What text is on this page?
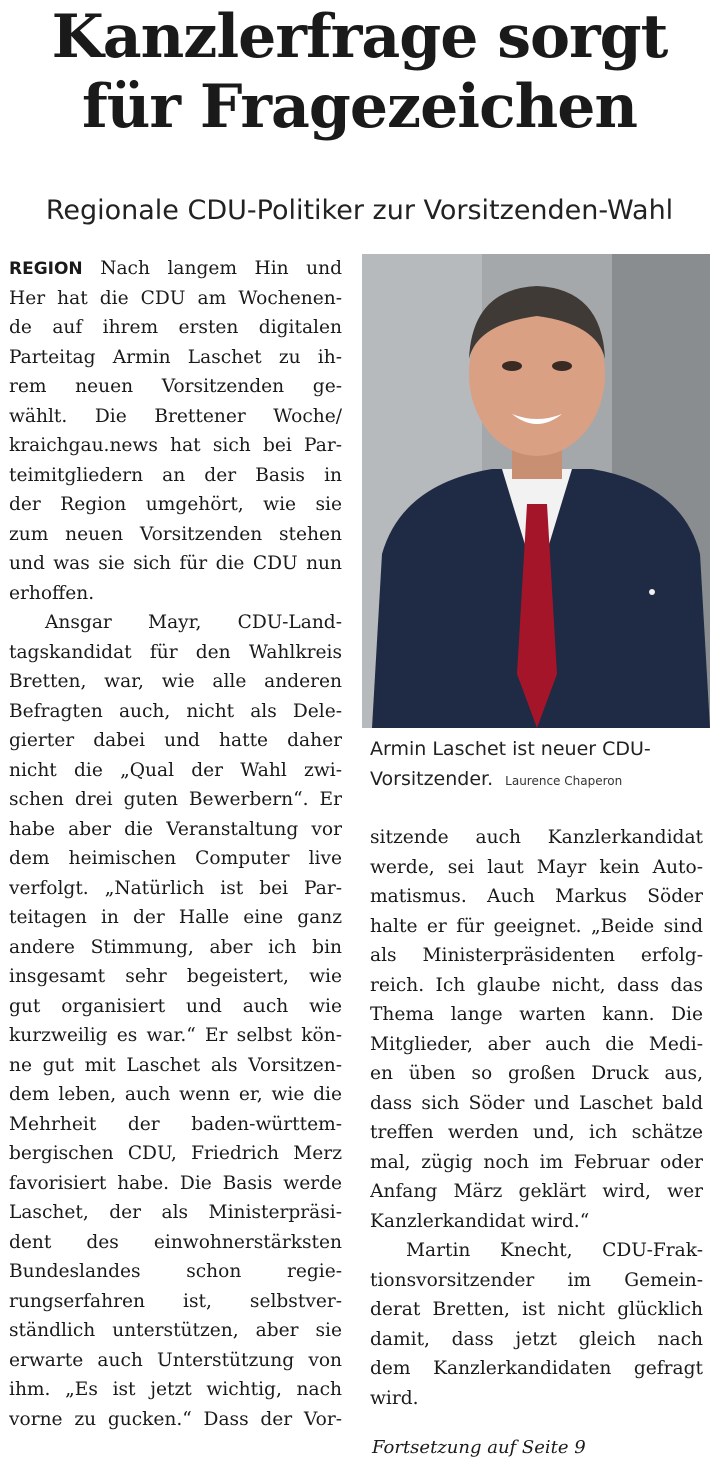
Kanzlerfrage sorgt
für Fragezeichen

Regionale CDU-Politiker zur Vorsitzenden-Wahl

REGION Nach langem Hin und
Her hat die CDU am Wochenen-
de auf ihrem ersten digitalen
Parteitag Armin Laschet zu ih-
rem neuen Vorsitzenden ge-
wählt. Die Brettener Woche/
kraichgau.news hat sich bei Par-
teimitgliedern an der Basis in
der Region umgehört, wie sie
zum neuen Vorsitzenden stehen
und was sie sich für die CDU nun
erhoffen.
Ansgar Mayr, CDU-Land-
tagskandidat für den Wahlkreis
Bretten, war, wie alle anderen
Befragten auch, nicht als Dele-
gierter dabei und hatte daher
nicht die „Qual der Wahl zwi-
schen drei guten Bewerbern“. Er
habe aber die Veranstaltung vor
dem heimischen Computer live
verfolgt. „Natürlich ist bei Par-
teitagen in der Halle eine ganz
andere Stimmung, aber ich bin
insgesamt sehr begeistert, wie
gut organisiert und auch wie
kurzweilig es war.“ Er selbst kön-
ne gut mit Laschet als Vorsitzen-
dem leben, auch wenn er, wie die
Mehrheit der baden-württem-
bergischen CDU, Friedrich Merz
favorisiert habe. Die Basis werde
Laschet, der als Ministerpräsi-
dent des einwohnerstärksten
Bundeslandes schon regie-
rungserfahren ist, selbstver-
ständlich unterstützen, aber sie
erwarte auch Unterstützung von
ihm. „Es ist jetzt wichtig, nach
vorne zu gucken.“ Dass der Vor-
Armin Laschet ist neuer CDU-
Vorsitzender. Laurence Chaperon
sitzende auch Kanzlerkandidat
werde, sei laut Mayr kein Auto-
matismus. Auch Markus Söder
halte er für geeignet. „Beide sind
als Ministerpräsidenten erfolg-
reich. Ich glaube nicht, dass das
Thema lange warten kann. Die
Mitglieder, aber auch die Medi-
en üben so großen Druck aus,
dass sich Söder und Laschet bald
treffen werden und, ich schätze
mal, zügig noch im Februar oder
Anfang März geklärt wird, wer
Kanzlerkandidat wird.“
Martin Knecht, CDU-Frak-
tionsvorsitzender im Gemein-
derat Bretten, ist nicht glücklich
damit, dass jetzt gleich nach
dem Kanzlerkandidaten gefragt
wird.
Fortsetzung auf Seite 9
